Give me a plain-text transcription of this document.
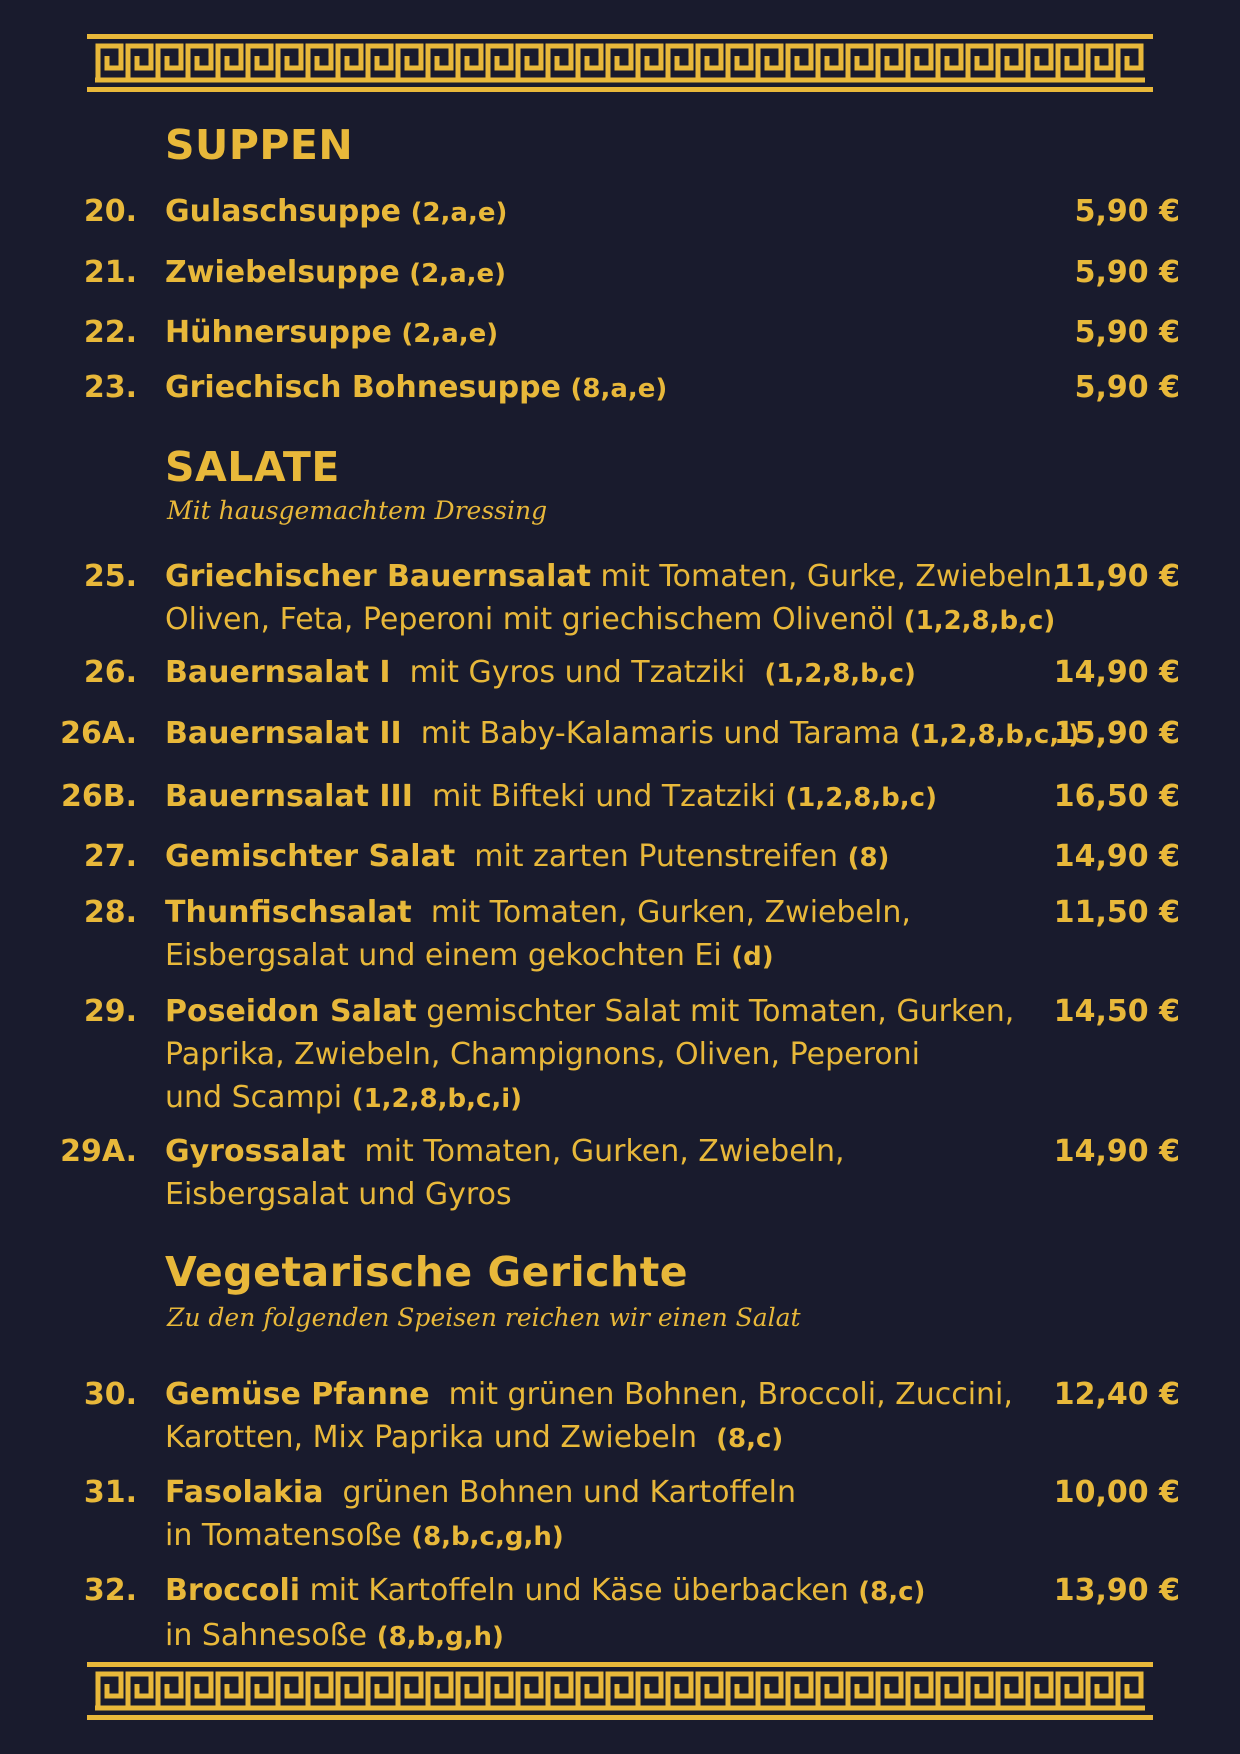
SUPPEN
20. Gulaschsuppe (2,a,e)	5,90 €
21. Zwiebelsuppe (2,a,e)	5,90 €
22. Hühnersuppe (2,a,e)	5,90 €
23. Griechisch Bohnesuppe (8,a,e)	5,90 €
SALATE
Mit hausgemachtem Dressing
25. Griechischer Bauernsalat mit Tomaten, Gurke, Zwiebeln,
Oliven, Feta, Peperoni mit griechischem Olivenöl (1,2,8,b,c)
11,90 €
26. Bauernsalat I mit Gyros und Tzatziki (1,2,8,b,c)	14,90 €
26A. Bauernsalat II mit Baby-Kalamaris und Tarama (1,2,8,b,c,i)
15,90 €
26B. Bauernsalat III mit Bifteki und Tzatziki (1,2,8,b,c)	16,50 €
27. Gemischter Salat mit zarten Putenstreifen (8)	14,90 €
28. Thunfischsalat mit Tomaten, Gurken, Zwiebeln,
Eisbergsalat und einem gekochten Ei (d)
11,50 €
29. Poseidon Salat gemischter Salat mit Tomaten, Gurken,
Paprika, Zwiebeln, Champignons, Oliven, Peperoni
und Scampi (1,2,8,b,c,i)
14,50 €
29A. Gyrossalat mit Tomaten, Gurken, Zwiebeln,
Eisbergsalat und Gyros
14,90 €
Vegetarische Gerichte
Zu den folgenden Speisen reichen wir einen Salat
30. Gemüse Pfanne mit grünen Bohnen, Broccoli, Zuccini,
Karotten, Mix Paprika und Zwiebeln (8,c)
12,40 €
31. Fasolakia grünen Bohnen und Kartoffeln
in Tomatensoße (8,b,c,g,h)
10,00 €
32. Broccoli mit Kartoffeln und Käse überbacken (8,c)
in Sahnesoße (8,b,g,h)
13,90 €
